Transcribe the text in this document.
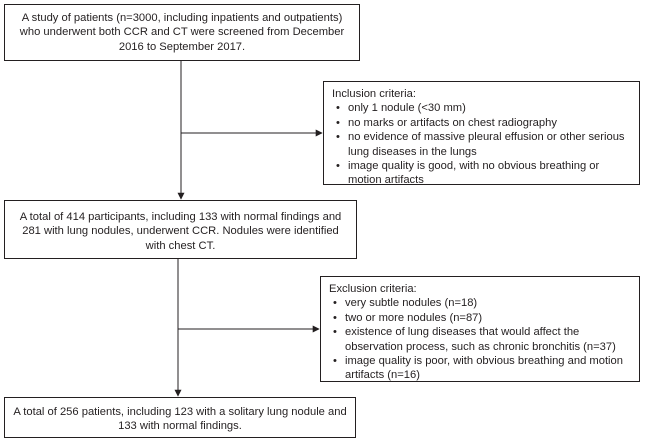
A study of patients (n=3000, including inpatients and outpatients) who underwent both CCR and CT were screened from December 2016 to September 2017.

Inclusion criteria:

• only 1 nodule (<30 mm)
• no marks or artifacts on chest radiography
• no evidence of massive pleural effusion or other serious lung diseases in the lungs
• image quality is good, with no obvious breathing or motion artifacts
A total of 414 participants, including 133 with normal findings and 281 with lung nodules, underwent CCR. Nodules were identified with chest CT.

Exclusion criteria:

• very subtle nodules (n=18)
• two or more nodules (n=87)
• existence of lung diseases that would affect the observation process, such as chronic bronchitis (n=37)
• image quality is poor, with obvious breathing and motion artifacts (n=16)
A total of 256 patients, including 123 with a solitary lung nodule and 133 with normal findings.
